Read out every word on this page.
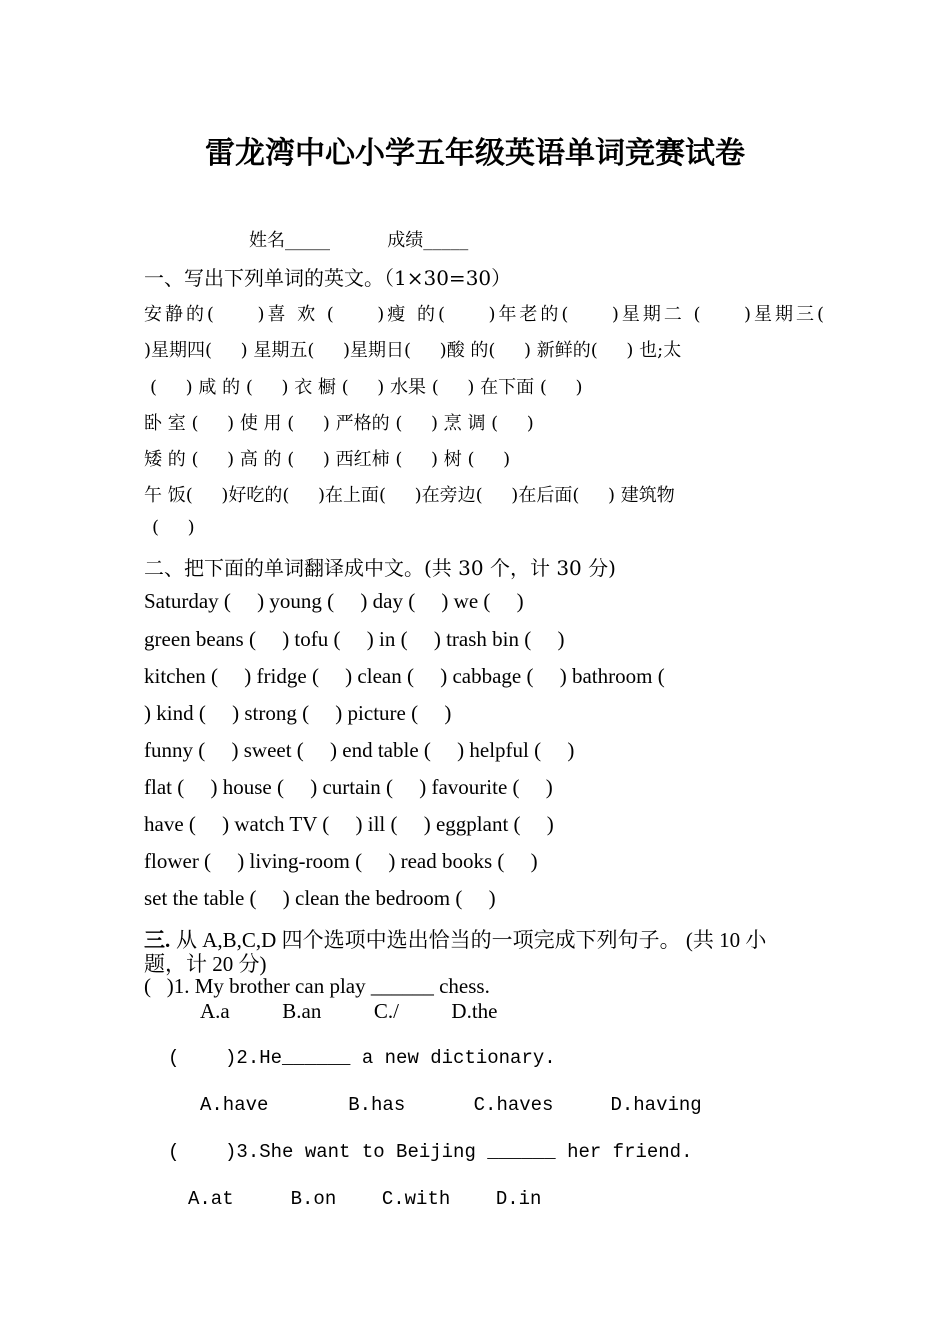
雷龙湾中心小学五年级英语单词竞赛试卷
姓名_____          成绩_____
一、写出下列单词的英文。（1×30=30）
安静的(     )喜 欢 (     )瘦 的(     )年老的(     )星期二 (     )星期三(
)星期四(     ) 星期五(     )星期日(     )酸 的(     ) 新鲜的(     ) 也;太
(     ) 咸 的 (     ) 衣 橱 (     ) 水果 (     ) 在下面 (     )
卧 室 (     ) 使 用 (     ) 严格的 (     ) 烹 调 (     )
矮 的 (     ) 高 的 (     ) 西红柿 (     ) 树 (     )
午 饭(     )好吃的(     )在上面(     )在旁边(     )在后面(     ) 建筑物
(     )
二、把下面的单词翻译成中文。(共 30 个，计 30 分)
Saturday (     ) young (     ) day (     ) we (     )
green beans (     ) tofu (     ) in (     ) trash bin (     )
kitchen (     ) fridge (     ) clean (     ) cabbage (     ) bathroom (
) kind (     ) strong (     ) picture (     )
funny (     ) sweet (     ) end table (     ) helpful (     )
flat (     ) house (     ) curtain (     ) favourite (     )
have (     ) watch TV (     ) ill (     ) eggplant (     )
flower (     ) living-room (     ) read books (     )
set the table (     ) clean the bedroom (     )
三. 从 A,B,C,D 四个选项中选出恰当的一项完成下列句子。 (共 10 小
题，计 20 分)
(   )1. My brother can play ______ chess.
A.a          B.an          C./          D.the
(    )2.He______ a new dictionary.
A.have       B.has      C.haves     D.having
(    )3.She want to Beijing ______ her friend.
A.at     B.on    C.with    D.in
